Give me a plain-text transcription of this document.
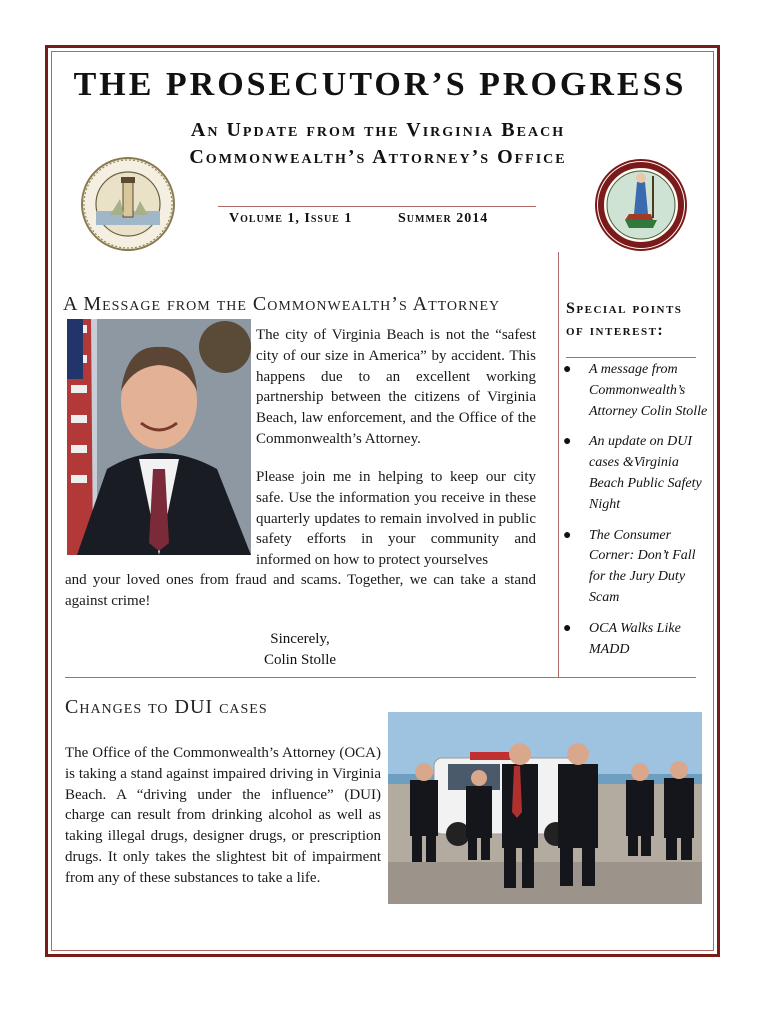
THE PROSECUTOR’S PROGRESS
An Update from the Virginia Beach Commonwealth’s Attorney’s Office
Volume 1, Issue 1	Summer 2014
A Message from the Commonwealth’s Attorney
The city of Virginia Beach is not the “safest city of our size in America” by accident. This happens due to an excellent working partnership between the citizens of Virginia Beach, law enforcement, and the Office of the Commonwealth’s Attorney.
Please join me in helping to keep our city safe. Use the information you receive in these quarterly updates to remain involved in public safety efforts in your community and informed on how to protect yourselves
and your loved ones from fraud and scams. Together, we can take a stand against crime!
Sincerely,
Colin Stolle
Special points of interest:
● A message from Commonwealth’s Attorney Colin Stolle
● An update on DUI cases &Virginia Beach Public Safety Night
● The Consumer Corner: Don’t Fall for the Jury Duty Scam
● OCA Walks Like MADD
Changes to DUI cases
The Office of the Commonwealth’s Attorney (OCA) is taking a stand against impaired driving in Virginia Beach. A “driving under the influence” (DUI) charge can result from drinking alcohol as well as taking illegal drugs, designer drugs, or prescription drugs. It only takes the slightest bit of impairment from any of these substances to take a life.
